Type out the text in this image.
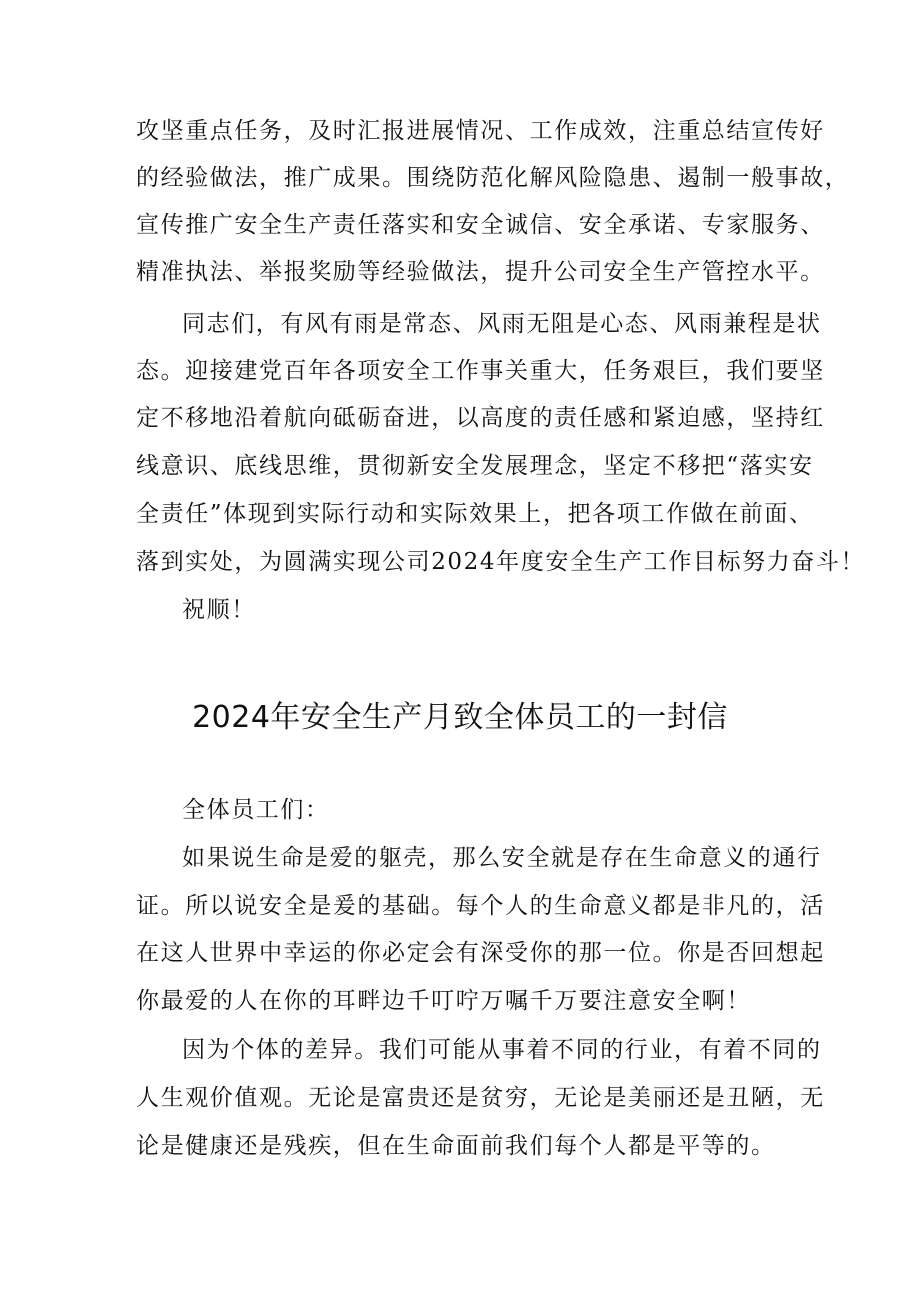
攻坚重点任务，及时汇报进展情况、工作成效，注重总结宣传好
的经验做法，推广成果。围绕防范化解风险隐患、遏制一般事故，
宣传推广安全生产责任落实和安全诚信、安全承诺、专家服务、
精准执法、举报奖励等经验做法，提升公司安全生产管控水平。
同志们，有风有雨是常态、风雨无阻是心态、风雨兼程是状
态。迎接建党百年各项安全工作事关重大，任务艰巨，我们要坚
定不移地沿着航向砥砺奋进，以高度的责任感和紧迫感，坚持红
线意识、底线思维，贯彻新安全发展理念，坚定不移把“落实安
全责任”体现到实际行动和实际效果上，把各项工作做在前面、
落到实处，为圆满实现公司2024年度安全生产工作目标努力奋斗！
祝顺！
2024年安全生产月致全体员工的一封信
全体员工们：
如果说生命是爱的躯壳，那么安全就是存在生命意义的通行
证。所以说安全是爰的基础。每个人的生命意义都是非凡的，活
在这人世界中幸运的你必定会有深受你的那一位。你是否回想起
你最爱的人在你的耳畔边千叮咛万嘱千万要注意安全啊！
因为个体的差异。我们可能从事着不同的行业，有着不同的
人生观价值观。无论是富贵还是贫穷，无论是美丽还是丑陋，无
论是健康还是残疾，但在生命面前我们每个人都是平等的。
